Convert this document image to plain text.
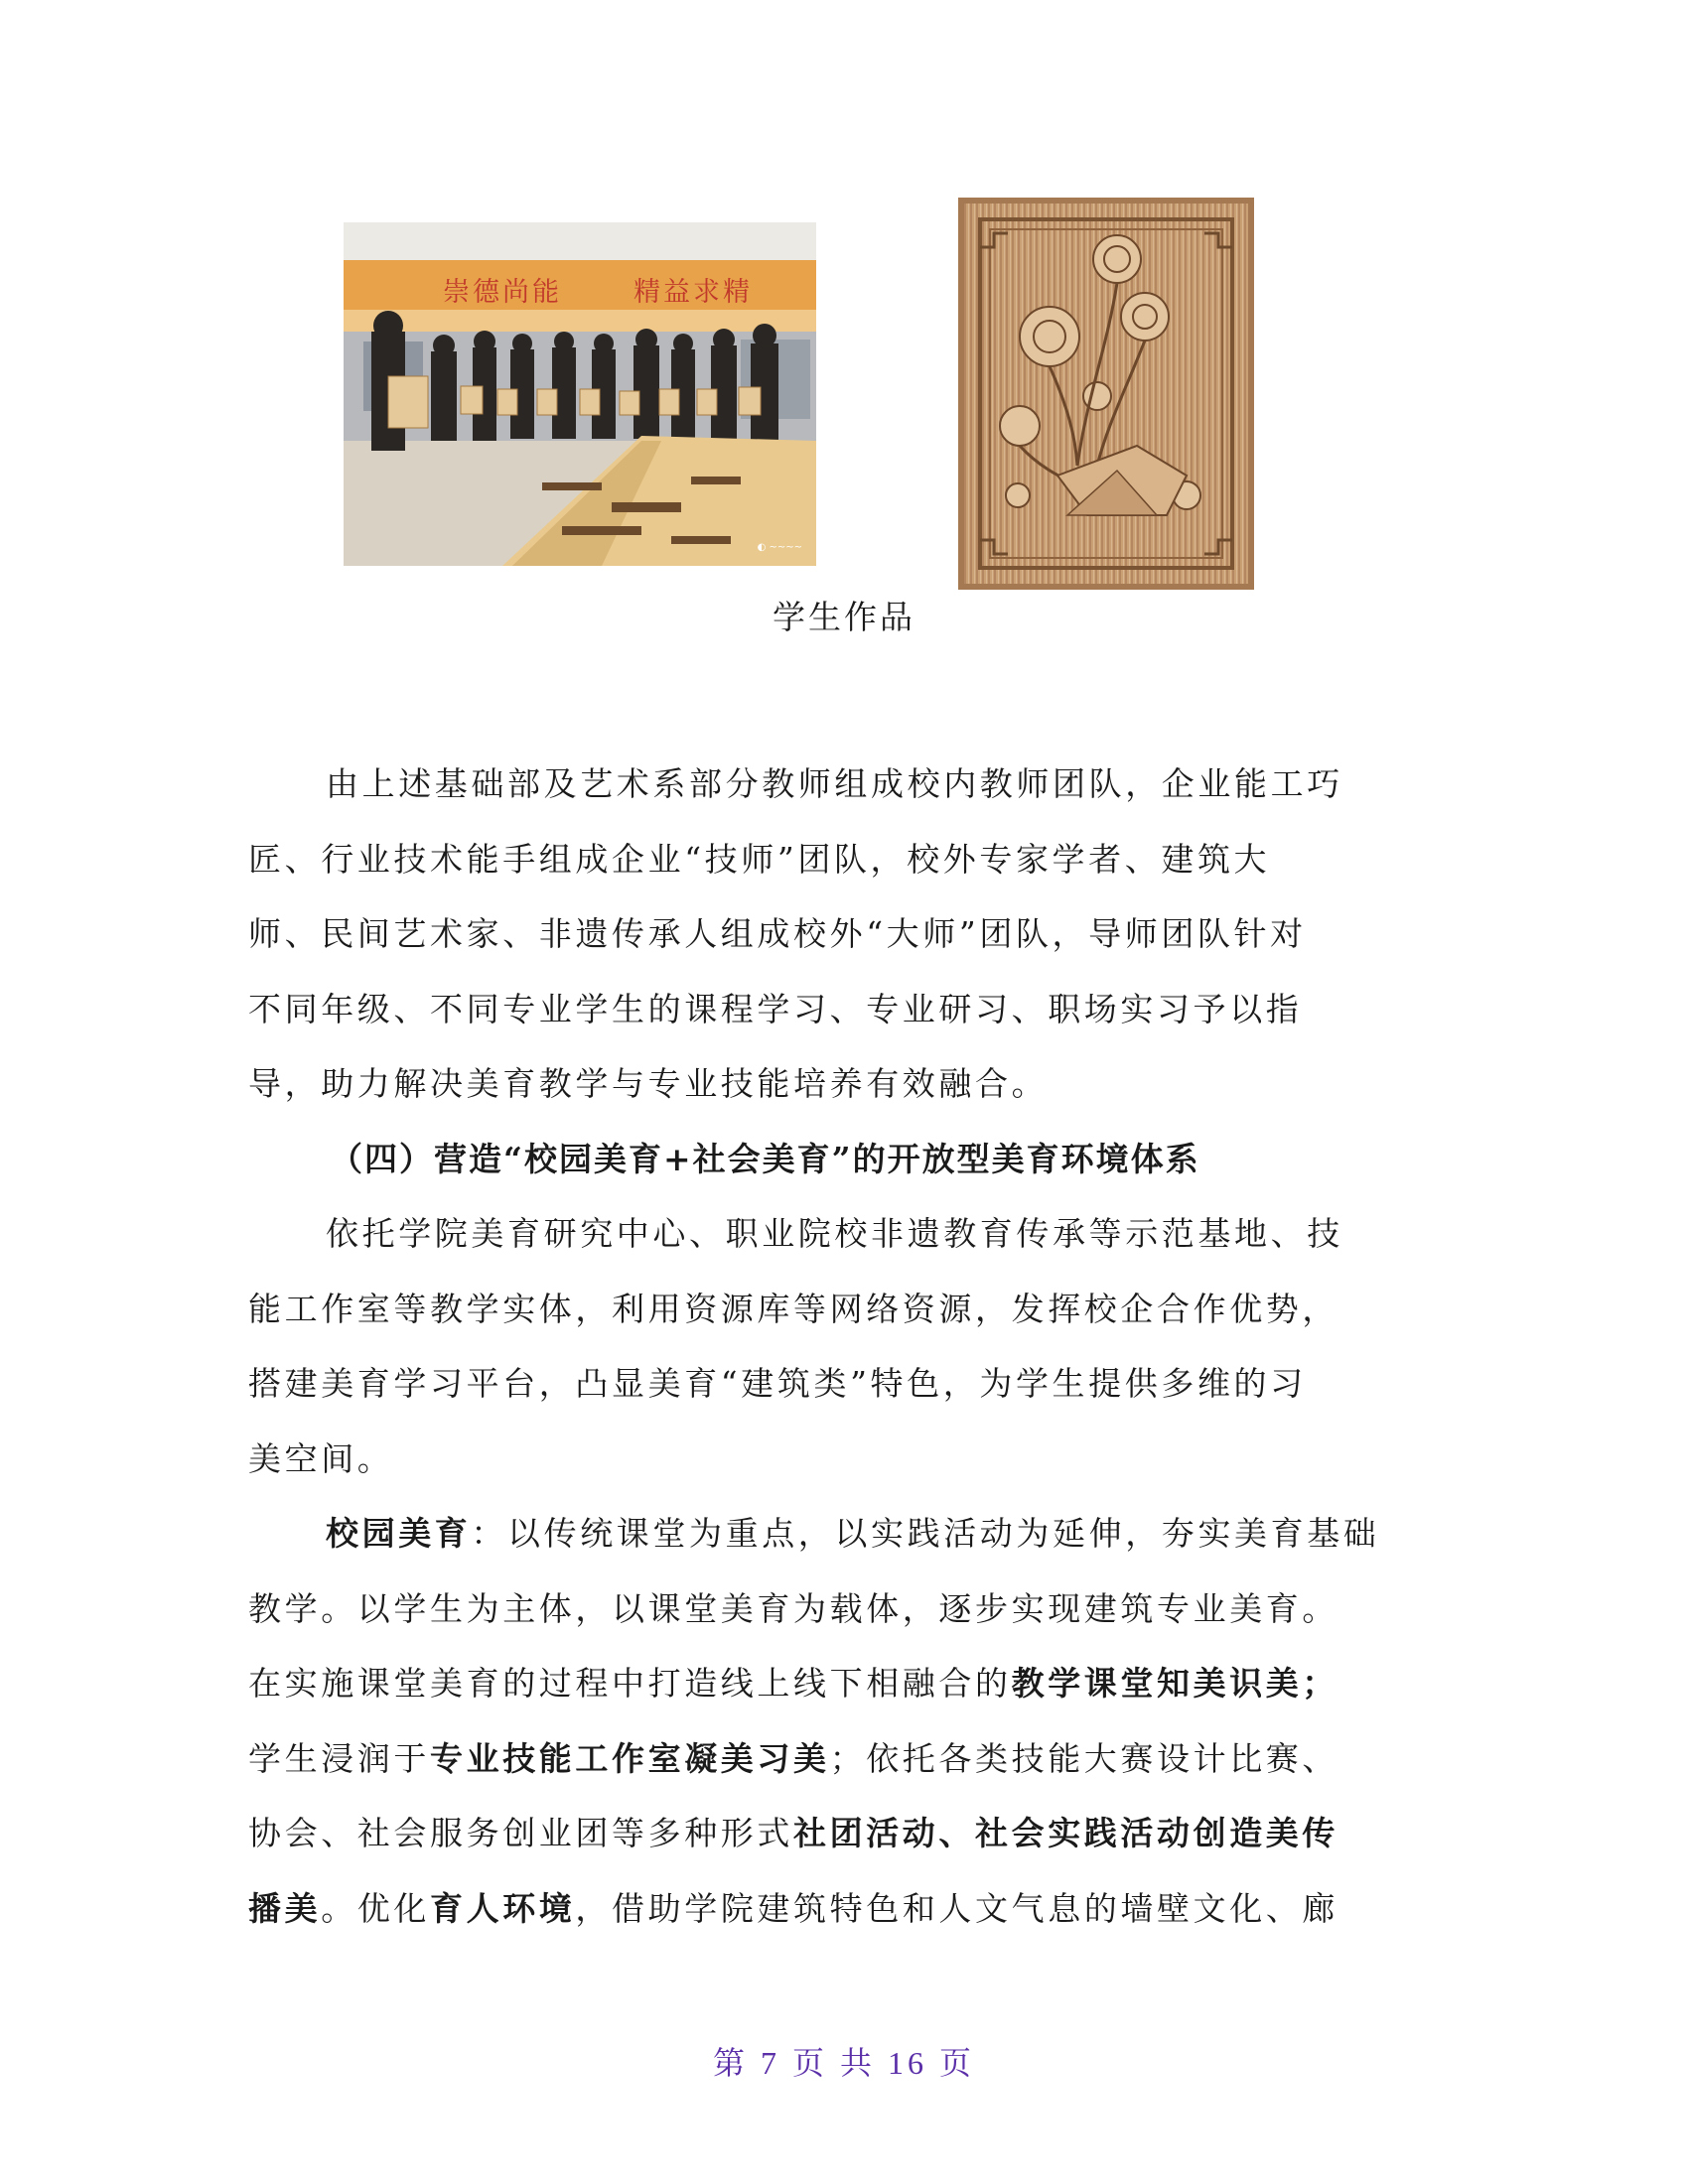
◐ ~~~~
崇德尚能	精益求精
学生作品
由上述基础部及艺术系部分教师组成校内教师团队，企业能工巧
匠、行业技术能手组成企业“技师”团队，校外专家学者、建筑大
师、民间艺术家、非遗传承人组成校外“大师”团队，导师团队针对
不同年级、不同专业学生的课程学习、专业研习、职场实习予以指
导，助力解决美育教学与专业技能培养有效融合。
（四）营造“校园美育+社会美育”的开放型美育环境体系
依托学院美育研究中心、职业院校非遗教育传承等示范基地、技
能工作室等教学实体，利用资源库等网络资源，发挥校企合作优势，
搭建美育学习平台，凸显美育“建筑类”特色，为学生提供多维的习
美空间。
校园美育：以传统课堂为重点，以实践活动为延伸，夯实美育基础
教学。以学生为主体，以课堂美育为载体，逐步实现建筑专业美育。
在实施课堂美育的过程中打造线上线下相融合的教学课堂知美识美；
学生浸润于专业技能工作室凝美习美；依托各类技能大赛设计比赛、
协会、社会服务创业团等多种形式社团活动、社会实践活动创造美传
播美。优化育人环境，借助学院建筑特色和人文气息的墙壁文化、廊
第 7 页 共 16 页
